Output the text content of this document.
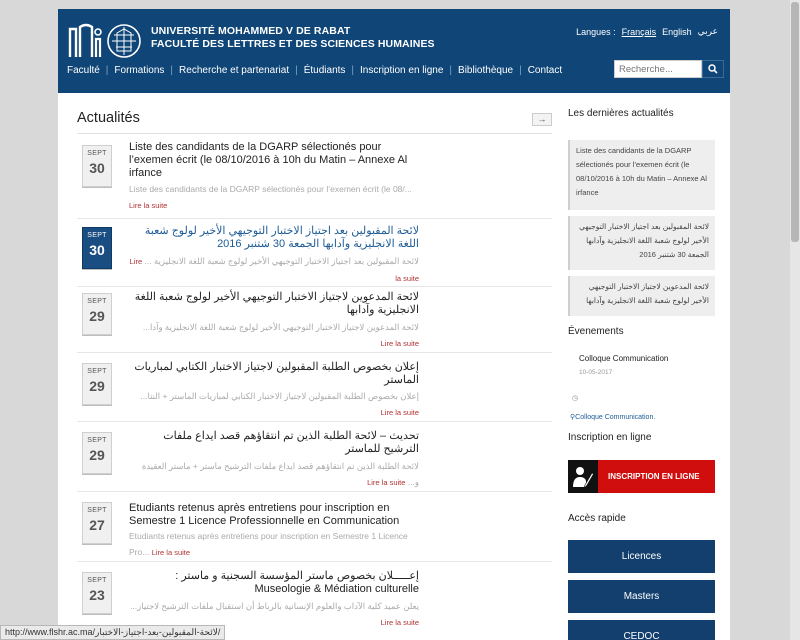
UNIVERSITÉ MOHAMMED V DE RABAT
FACULTÉ DES LETTRES ET DES SCIENCES HUMAINES
Langues : Français English عربي
Faculté | Formations | Recherche et partenariat | Étudiants | Inscription en ligne | Bibliothèque | Contact
Recherche...
Actualités	→
SEPT
30
Liste des candidants de la DGARP sélectionés pour l’exemen écrit (le 08/10/2016 à 10h du Matin – Annexe Al irfance
Liste des candidants de la DGARP sélectionés pour l’exemen écrit (le 08/... Lire la suite
SEPT
30
لائحة المقبولين بعد اجتياز الاختبار التوجيهي الأخير لولوج شعبة اللغة الانجليزية وآدابها الجمعة 30 شتنبر 2016
لائحة المقبولين بعد اجتياز الاختبار التوجيهي الأخير لولوج شعبة اللغة الانجليزية ... Lire la suite
SEPT
29
لائحة المدعوين لاجتياز الاختبار التوجيهي الأخير لولوج شعبة اللغة الانجليزية وآدابها
لائحة المدعوين لاجتياز الاختبار التوجيهي الأخير لولوج شعبة اللغة الانجليزية وآدا... Lire la suite
SEPT
29
إعلان بخصوص الطلبة المقبولين لاجتياز الاختبار الكتابي لمباريات الماستر
إعلان بخصوص الطلبة المقبولين لاجتياز الاختبار الكتابي لمباريات الماستر + النتا... Lire la suite
SEPT
29
تحديث – لائحة الطلبة الذين تم انتقاؤهم قصد ايداع ملفات الترشيح للماستر
لائحة الطلبة الذين تم انتقاؤهم قصد ايداع ملفات الترشيح ماستر + ماستر العقيدة و... Lire la suite
SEPT
27
Etudiants retenus après entretiens pour inscription en Semestre 1 Licence Professionnelle en Communication
Etudiants retenus après entretiens pour inscription en Semestre 1 Licence Pro... Lire la suite
SEPT
23
إعـــــلان بخصوص ماستر المؤسسة السجنية و ماستر : Museologie & Médiation culturelle
يعلن عميد كلية الآداب والعلوم الإنسانية بالرباط أن استقبال ملفات الترشيح لاجتياز... Lire la suite
Les dernières actualités
Liste des candidants de la DGARP sélectionés pour l’exemen écrit (le 08/10/2016 à 10h du Matin – Annexe Al irfance
لائحة المقبولين بعد اجتياز الاختبار التوجيهي الأخير لولوج شعبة اللغة الانجليزية وآدابها الجمعة 30 شتنبر 2016
لائحة المدعوين لاجتياز الاختبار التوجيهي الأخير لولوج شعبة اللغة الانجليزية وآدابها
Évenements
Colloque Communication
10-05-2017
◷
⚲Colloque Communication.
Inscription en ligne
INSCRIPTION EN LIGNE
Accès rapide
Licences
Masters
CEDOC
http://www.flshr.ac.ma/لائحة-المقبولين-بعد-اجتياز-الاختبار/
